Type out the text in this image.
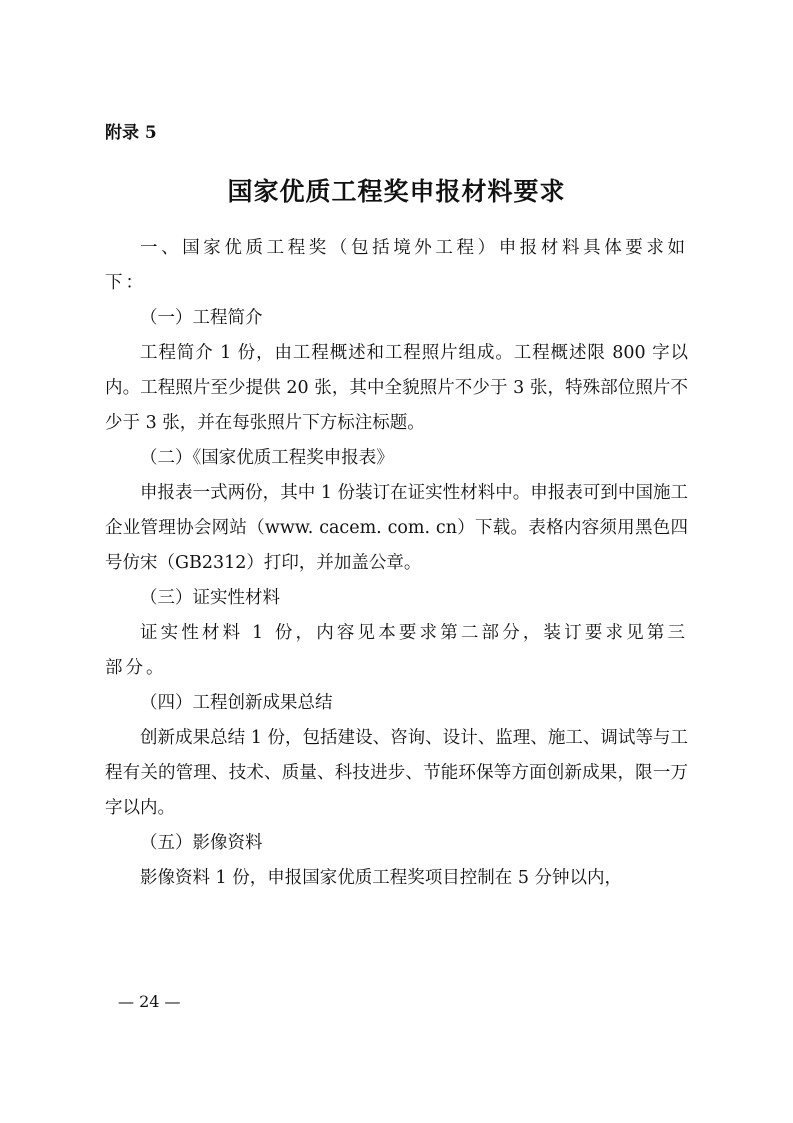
附录 5
国家优质工程奖申报材料要求

一、国家优质工程奖（包括境外工程）申报材料具体要求如下：

（一）工程简介

工程简介 1 份，由工程概述和工程照片组成。工程概述限 800 字以内。工程照片至少提供 20 张，其中全貌照片不少于 3 张，特殊部位照片不少于 3 张，并在每张照片下方标注标题。

（二）《国家优质工程奖申报表》

申报表一式两份，其中 1 份装订在证实性材料中。申报表可到中国施工企业管理协会网站（www. cacem. com. cn）下载。表格内容须用黑色四号仿宋（GB2312）打印，并加盖公章。

（三）证实性材料

证实性材料 1 份，内容见本要求第二部分，装订要求见第三部分。

（四）工程创新成果总结

创新成果总结 1 份，包括建设、咨询、设计、监理、施工、调试等与工程有关的管理、技术、质量、科技进步、节能环保等方面创新成果，限一万字以内。

（五）影像资料

影像资料 1 份，申报国家优质工程奖项目控制在 5 分钟以内，

— 24 —
